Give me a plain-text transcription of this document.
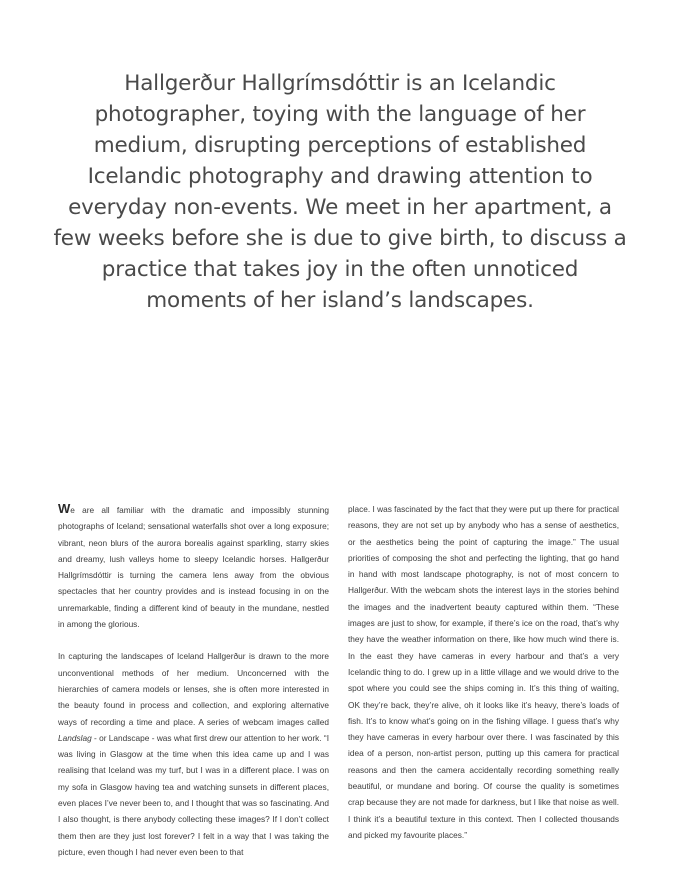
Hallgerður Hallgrímsdóttir is an Icelandic photographer, toying with the language of her medium, disrupting perceptions of established Icelandic photography and drawing attention to everyday non-events. We meet in her apartment, a few weeks before she is due to give birth, to discuss a practice that takes joy in the often unnoticed moments of her island’s landscapes.

We are all familiar with the dramatic and impossibly stunning photographs of Iceland; sensational waterfalls shot over a long exposure; vibrant, neon blurs of the aurora borealis against sparkling, starry skies and dreamy, lush valleys home to sleepy Icelandic horses. Hallgerður Hallgrímsdóttir is turning the camera lens away from the obvious spectacles that her country provides and is instead focusing in on the unremarkable, finding a different kind of beauty in the mundane, nestled in among the glorious.

In capturing the landscapes of Iceland Hallgerður is drawn to the more unconventional methods of her medium. Unconcerned with the hierarchies of camera models or lenses, she is often more interested in the beauty found in process and collection, and exploring alternative ways of recording a time and place. A series of webcam images called Landslag - or Landscape - was what first drew our attention to her work. “I was living in Glasgow at the time when this idea came up and I was realising that Iceland was my turf, but I was in a different place. I was on my sofa in Glasgow having tea and watching sunsets in different places, even places I’ve never been to, and I thought that was so fascinating. And I also thought, is there anybody collecting these images? If I don’t collect them then are they just lost forever? I felt in a way that I was taking the picture, even though I had never even been to that

place. I was fascinated by the fact that they were put up there for practical reasons, they are not set up by anybody who has a sense of aesthetics, or the aesthetics being the point of capturing the image.” The usual priorities of composing the shot and perfecting the lighting, that go hand in hand with most landscape photography, is not of most concern to Hallgerður. With the webcam shots the interest lays in the stories behind the images and the inadvertent beauty captured within them. “These images are just to show, for example, if there’s ice on the road, that’s why they have the weather information on there, like how much wind there is. In the east they have cameras in every harbour and that’s a very Icelandic thing to do. I grew up in a little village and we would drive to the spot where you could see the ships coming in. It’s this thing of waiting, OK they’re back, they’re alive, oh it looks like it’s heavy, there’s loads of fish. It’s to know what’s going on in the fishing village. I guess that’s why they have cameras in every harbour over there. I was fascinated by this idea of a person, non-artist person, putting up this camera for practical reasons and then the camera accidentally recording something really beautiful, or mundane and boring. Of course the quality is sometimes crap because they are not made for darkness, but I like that noise as well. I think it’s a beautiful texture in this context. Then I collected thousands and picked my favourite places.”
